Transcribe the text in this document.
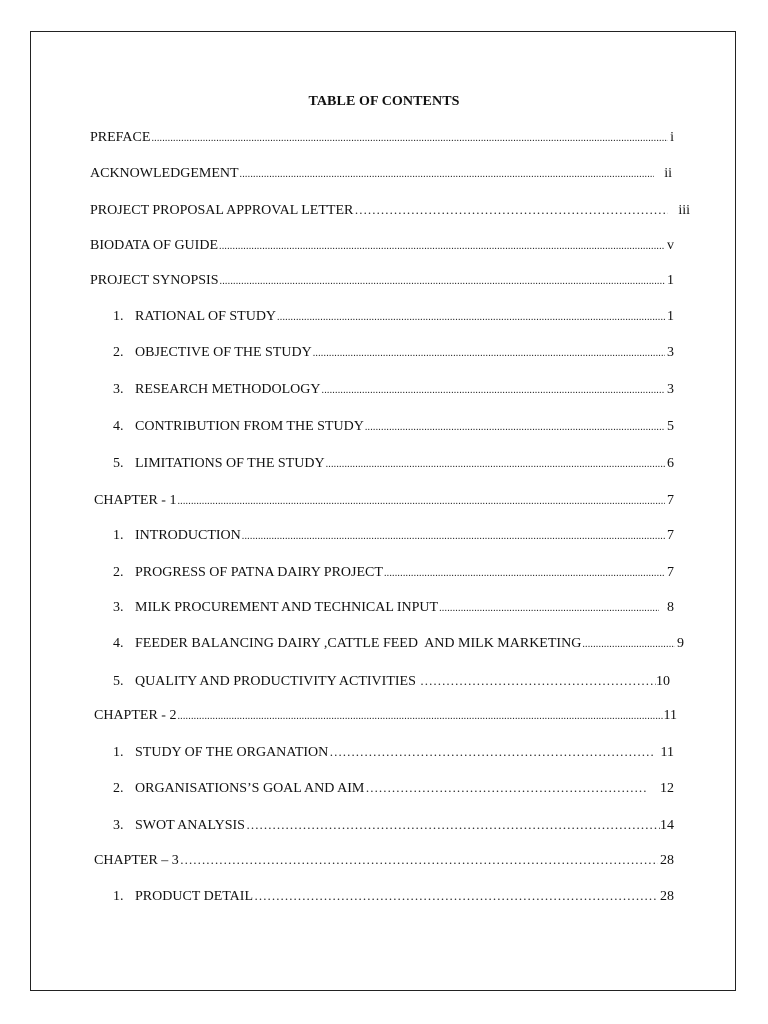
TABLE OF CONTENTS
PREFACE .....	i
ACKNOWLEDGEMENT .....	ii
PROJECT PROPOSAL APPROVAL LETTER …………………………………………………………………………………………………………………………………………………………………	iii
BIODATA OF GUIDE .....	v
PROJECT SYNOPSIS .....	1
1. RATIONAL OF STUDY .....	1
2. OBJECTIVE OF THE STUDY .....	3
3. RESEARCH METHODOLOGY .....	3
4. CONTRIBUTION FROM THE STUDY .....	5
5. LIMITATIONS OF THE STUDY .....	6
CHAPTER - 1 .....	7
1. INTRODUCTION .....	7
2. PROGRESS OF PATNA DAIRY PROJECT .....	7
3. MILK PROCUREMENT AND TECHNICAL INPUT .....	8
4. FEEDER BALANCING DAIRY ,CATTLE FEED  AND MILK MARKETING .....	9
5. QUALITY AND PRODUCTIVITY ACTIVITIES …………………………………………………………………………………………………………………………………………………………………	10
CHAPTER - 2 .....	11
1. STUDY OF THE ORGANATION …………………………………………………………………………………………………………………………………………………………………	11
2. ORGANISATIONS’S GOAL AND AIM …………………………………………………………………………………………………………………………………………………………………	12
3. SWOT ANALYSIS …………………………………………………………………………………………………………………………………………………………………	14
CHAPTER – 3 …………………………………………………………………………………………………………………………………………………………………	28
1. PRODUCT DETAIL …………………………………………………………………………………………………………………………………………………………………	28
